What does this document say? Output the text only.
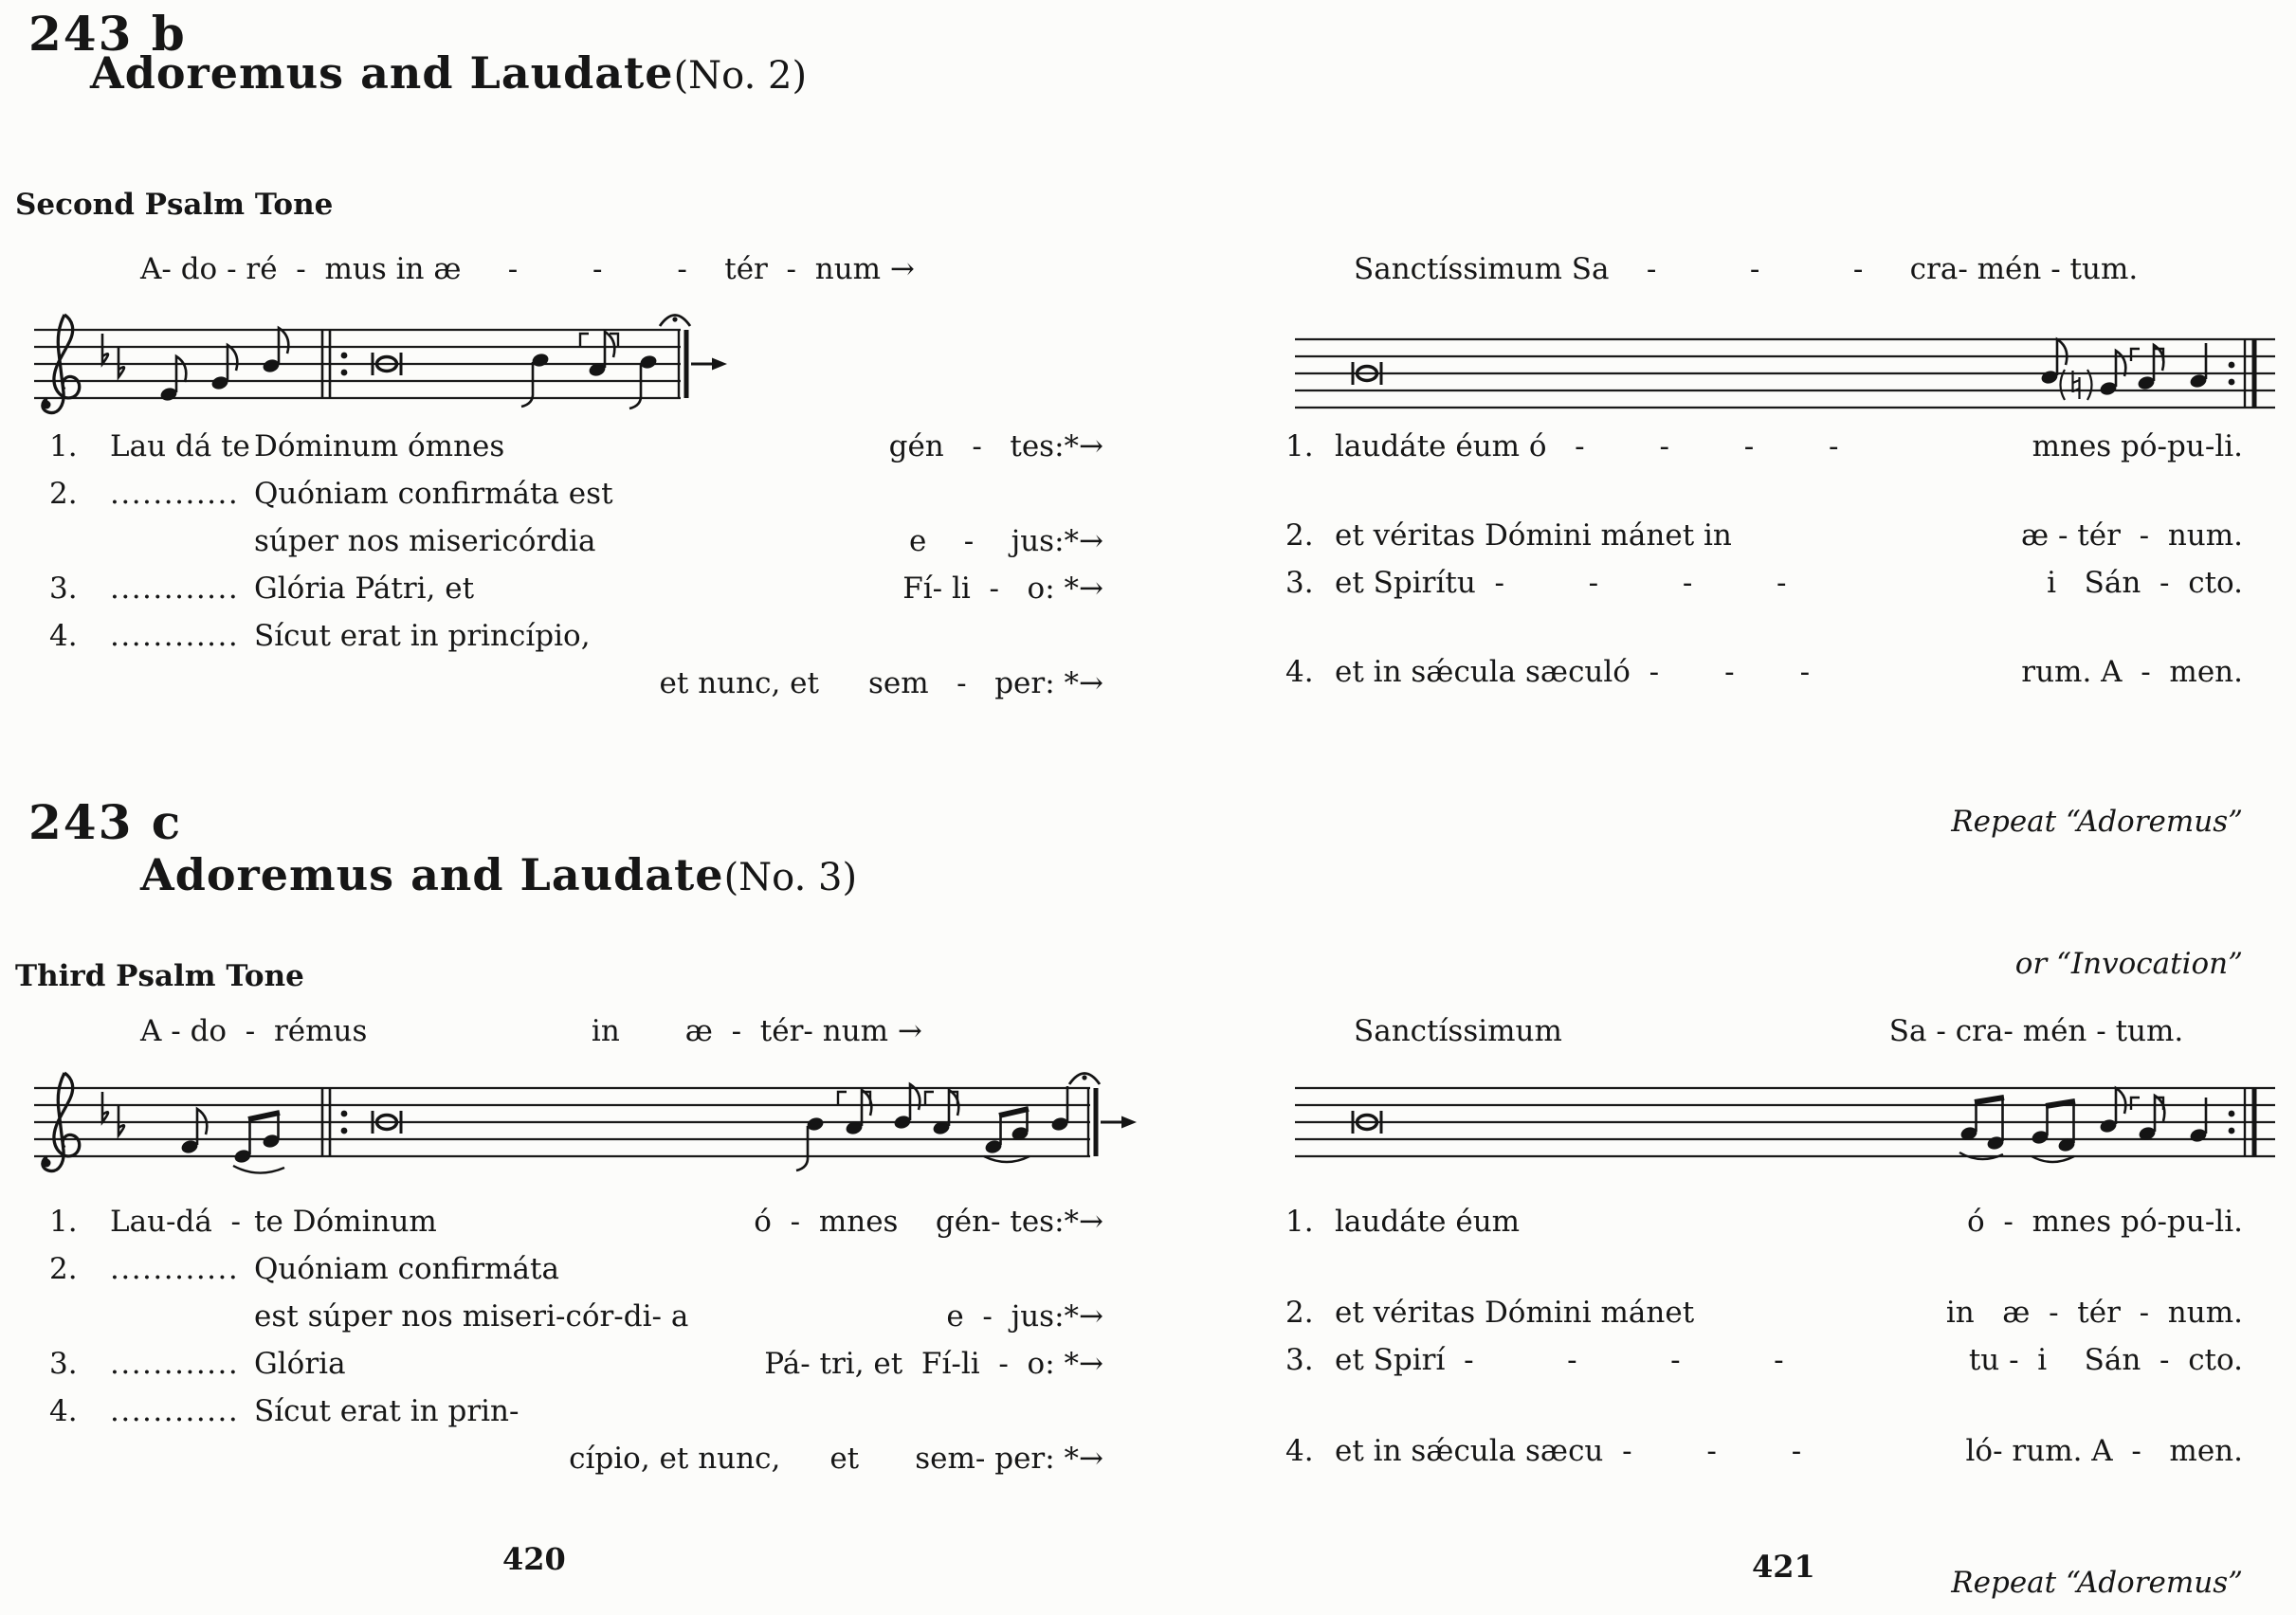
243 b
Adoremus and Laudate(No. 2)
Second Psalm Tone
A- do - ré  -  mus in æ     -        -        -    tér  -  num →	Sanctíssimum Sa    -          -          -     cra- mén - tum.
1.	Lau dá te Dóminum ómnes	gén   -   tes:*→
2.	............ Quóniam confirmáta est
súper nos misericórdia	e    -    jus:*→
3.	............ Glória Pátri, et	Fí- li  -   o: *→
4.	............ Sícut erat in princípio,
et nunc, et	sem   -   per: *→
1. laudáte éum ó   -        -        -        -	mnes pó-pu-li.
2. et véritas Dómini mánet in	æ - tér  -  num.
3. et Spirítu  -         -         -         -	i   Sán  -  cto.
4. et in sǽcula sæculó  -       -       -	rum. A  -  men.

Repeat “Adoremus”

or “Invocation”

243 c
Adoremus and Laudate(No. 3)
Third Psalm Tone
A - do  -  rémus                        in       æ  -  tér- num →	Sanctíssimum                                   Sa - cra- mén - tum.
1.	Lau-dá  - te Dóminum	ó  -  mnes    gén- tes:*→
2.	............ Quóniam confirmáta
est súper nos miseri-cór-di- a	e  -  jus:*→
3.	............ Glória	Pá- tri, et  Fí-li  -  o: *→
4.	............ Sícut erat in prin-
cípio, et nunc,	et      sem- per: *→
1. laudáte éum	ó  -  mnes pó-pu-li.
2. et véritas Dómini mánet	in   æ  -  tér  -  num.
3. et Spirí  -          -          -          -	tu -  i    Sán  -  cto.
4. et in sǽcula sæcu  -        -        -	ló- rum. A  -   men.

Repeat “Adoremus”

420	421
